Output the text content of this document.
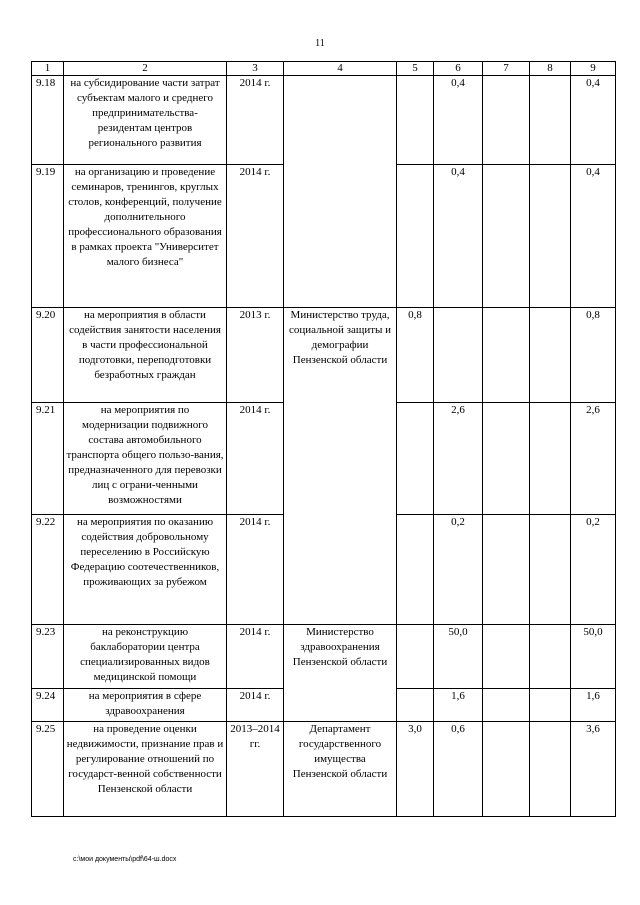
11
1	2	3	4	5	6	7	8	9
9.18	на субсидирование части затрат субъектам малого и среднего предпринимательства-резидентам центров регионального развития	2014 г.			0,4			0,4
9.19	на организацию и проведение семинаров, тренингов, круглых столов, конференций, получение дополнительного профессионального образования в рамках проекта "Университет малого бизнеса"	2014 г.			0,4			0,4
9.20	на мероприятия в области содействия занятости населения в части профессиональной подготовки, переподготовки безработных граждан	2013 г.	Министерство труда, социальной защиты и демографии Пензенской области	0,8				0,8
9.21	на мероприятия по модернизации подвижного состава автомобильного транспорта общего пользо-вания, предназначенного для перевозки лиц с ограни-ченными возможностями	2014 г.			2,6			2,6
9.22	на мероприятия по оказанию содействия добровольному переселению в Российскую Федерацию соотечественников, проживающих за рубежом	2014 г.			0,2			0,2
9.23	на реконструкцию баклаборатории центра специализированных видов медицинской помощи	2014 г.	Министерство здравоохранения Пензенской области		50,0			50,0
9.24	на мероприятия в сфере здравоохранения	2014 г.			1,6			1,6
9.25	на проведение оценки недвижимости, признание прав и регулирование отношений по государст-венной собственности Пензенской области	2013–2014 гг.	Департамент государственного имущества Пензенской области	3,0	0,6			3,6
c:\мои документы\pdf\64-ш.docx
